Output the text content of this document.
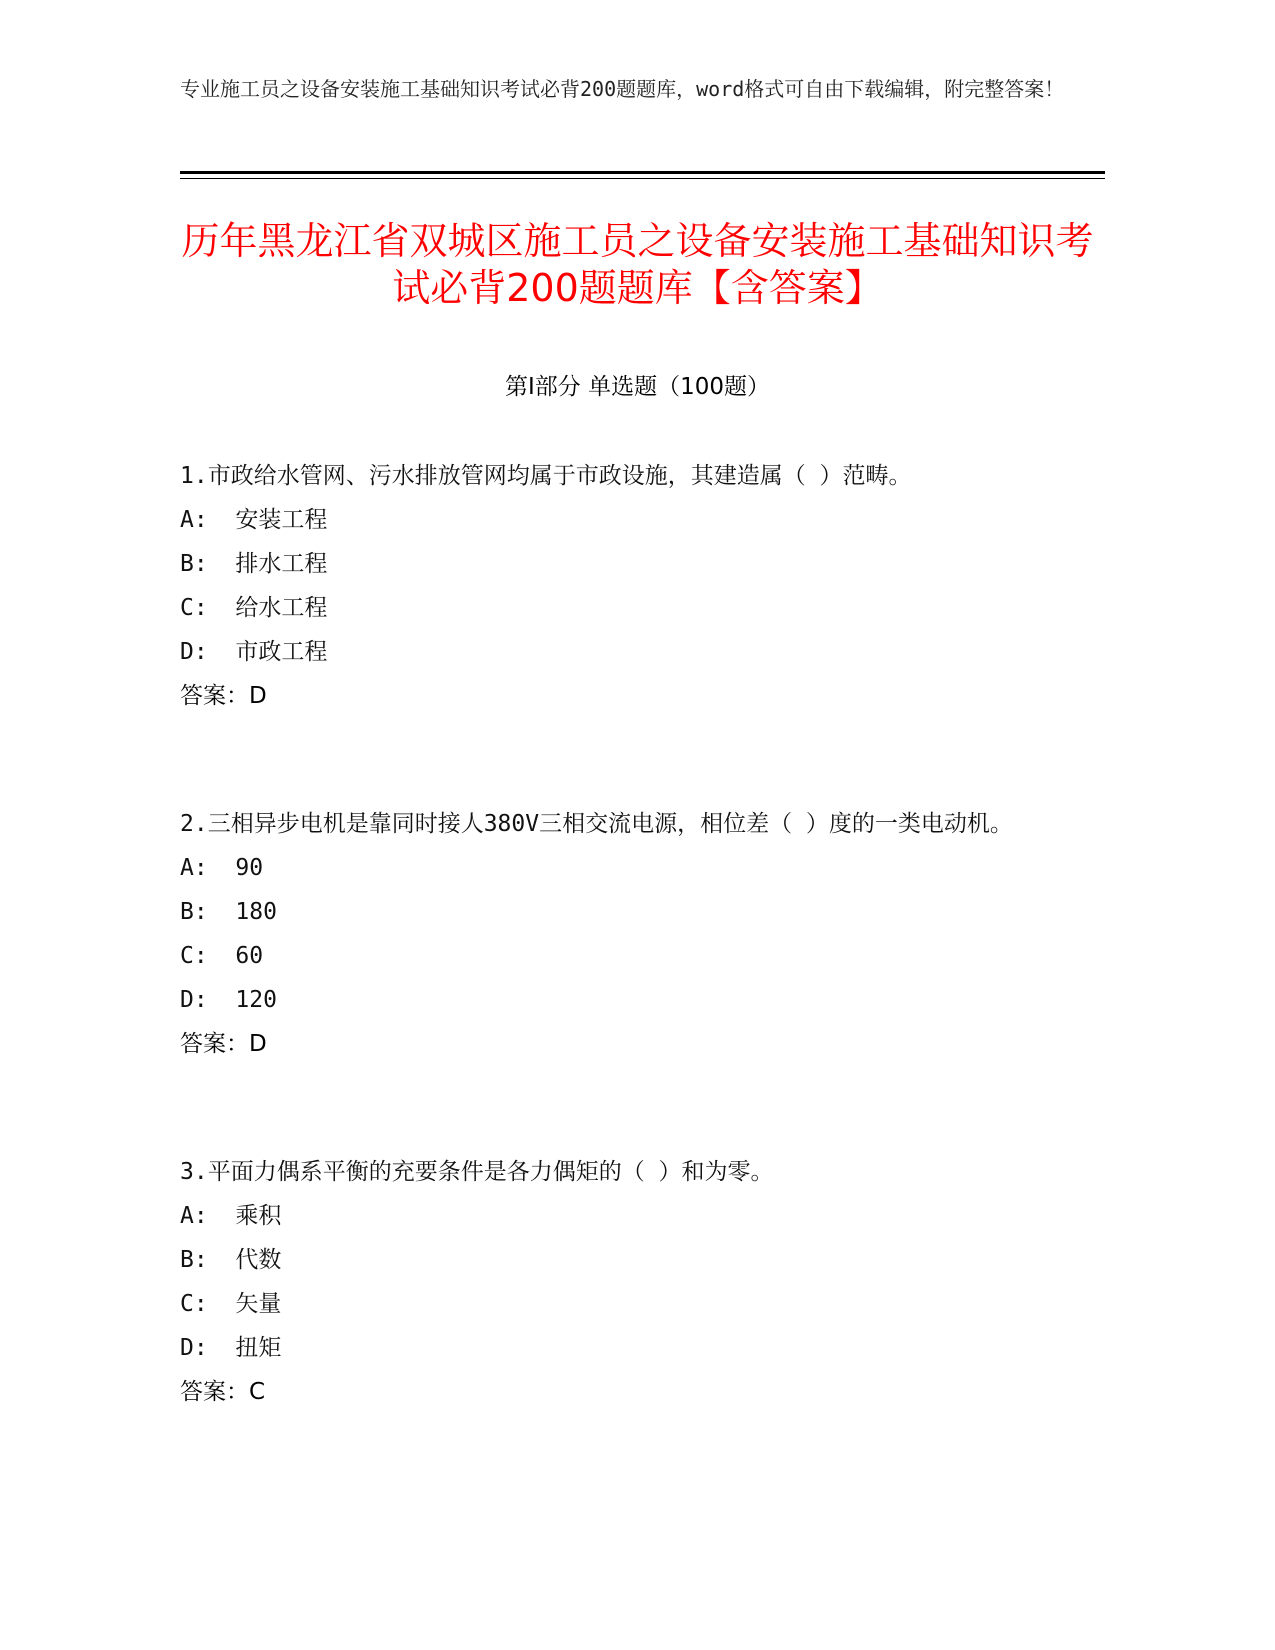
专业施工员之设备安装施工基础知识考试必背200题题库，word格式可自由下载编辑，附完整答案！
历年黑龙江省双城区施工员之设备安装施工基础知识考试必背200题题库【含答案】
第I部分 单选题（100题）

1.市政给水管网、污水排放管网均属于市政设施，其建造属（ ）范畴。

A:  安装工程

B:  排水工程

C:  给水工程

D:  市政工程

答案：D

2.三相异步电机是靠同时接人380V三相交流电源，相位差（ ）度的一类电动机。

A:  90

B:  180

C:  60

D:  120

答案：D

3.平面力偶系平衡的充要条件是各力偶矩的（ ）和为零。

A:  乘积

B:  代数

C:  矢量

D:  扭矩

答案：C
